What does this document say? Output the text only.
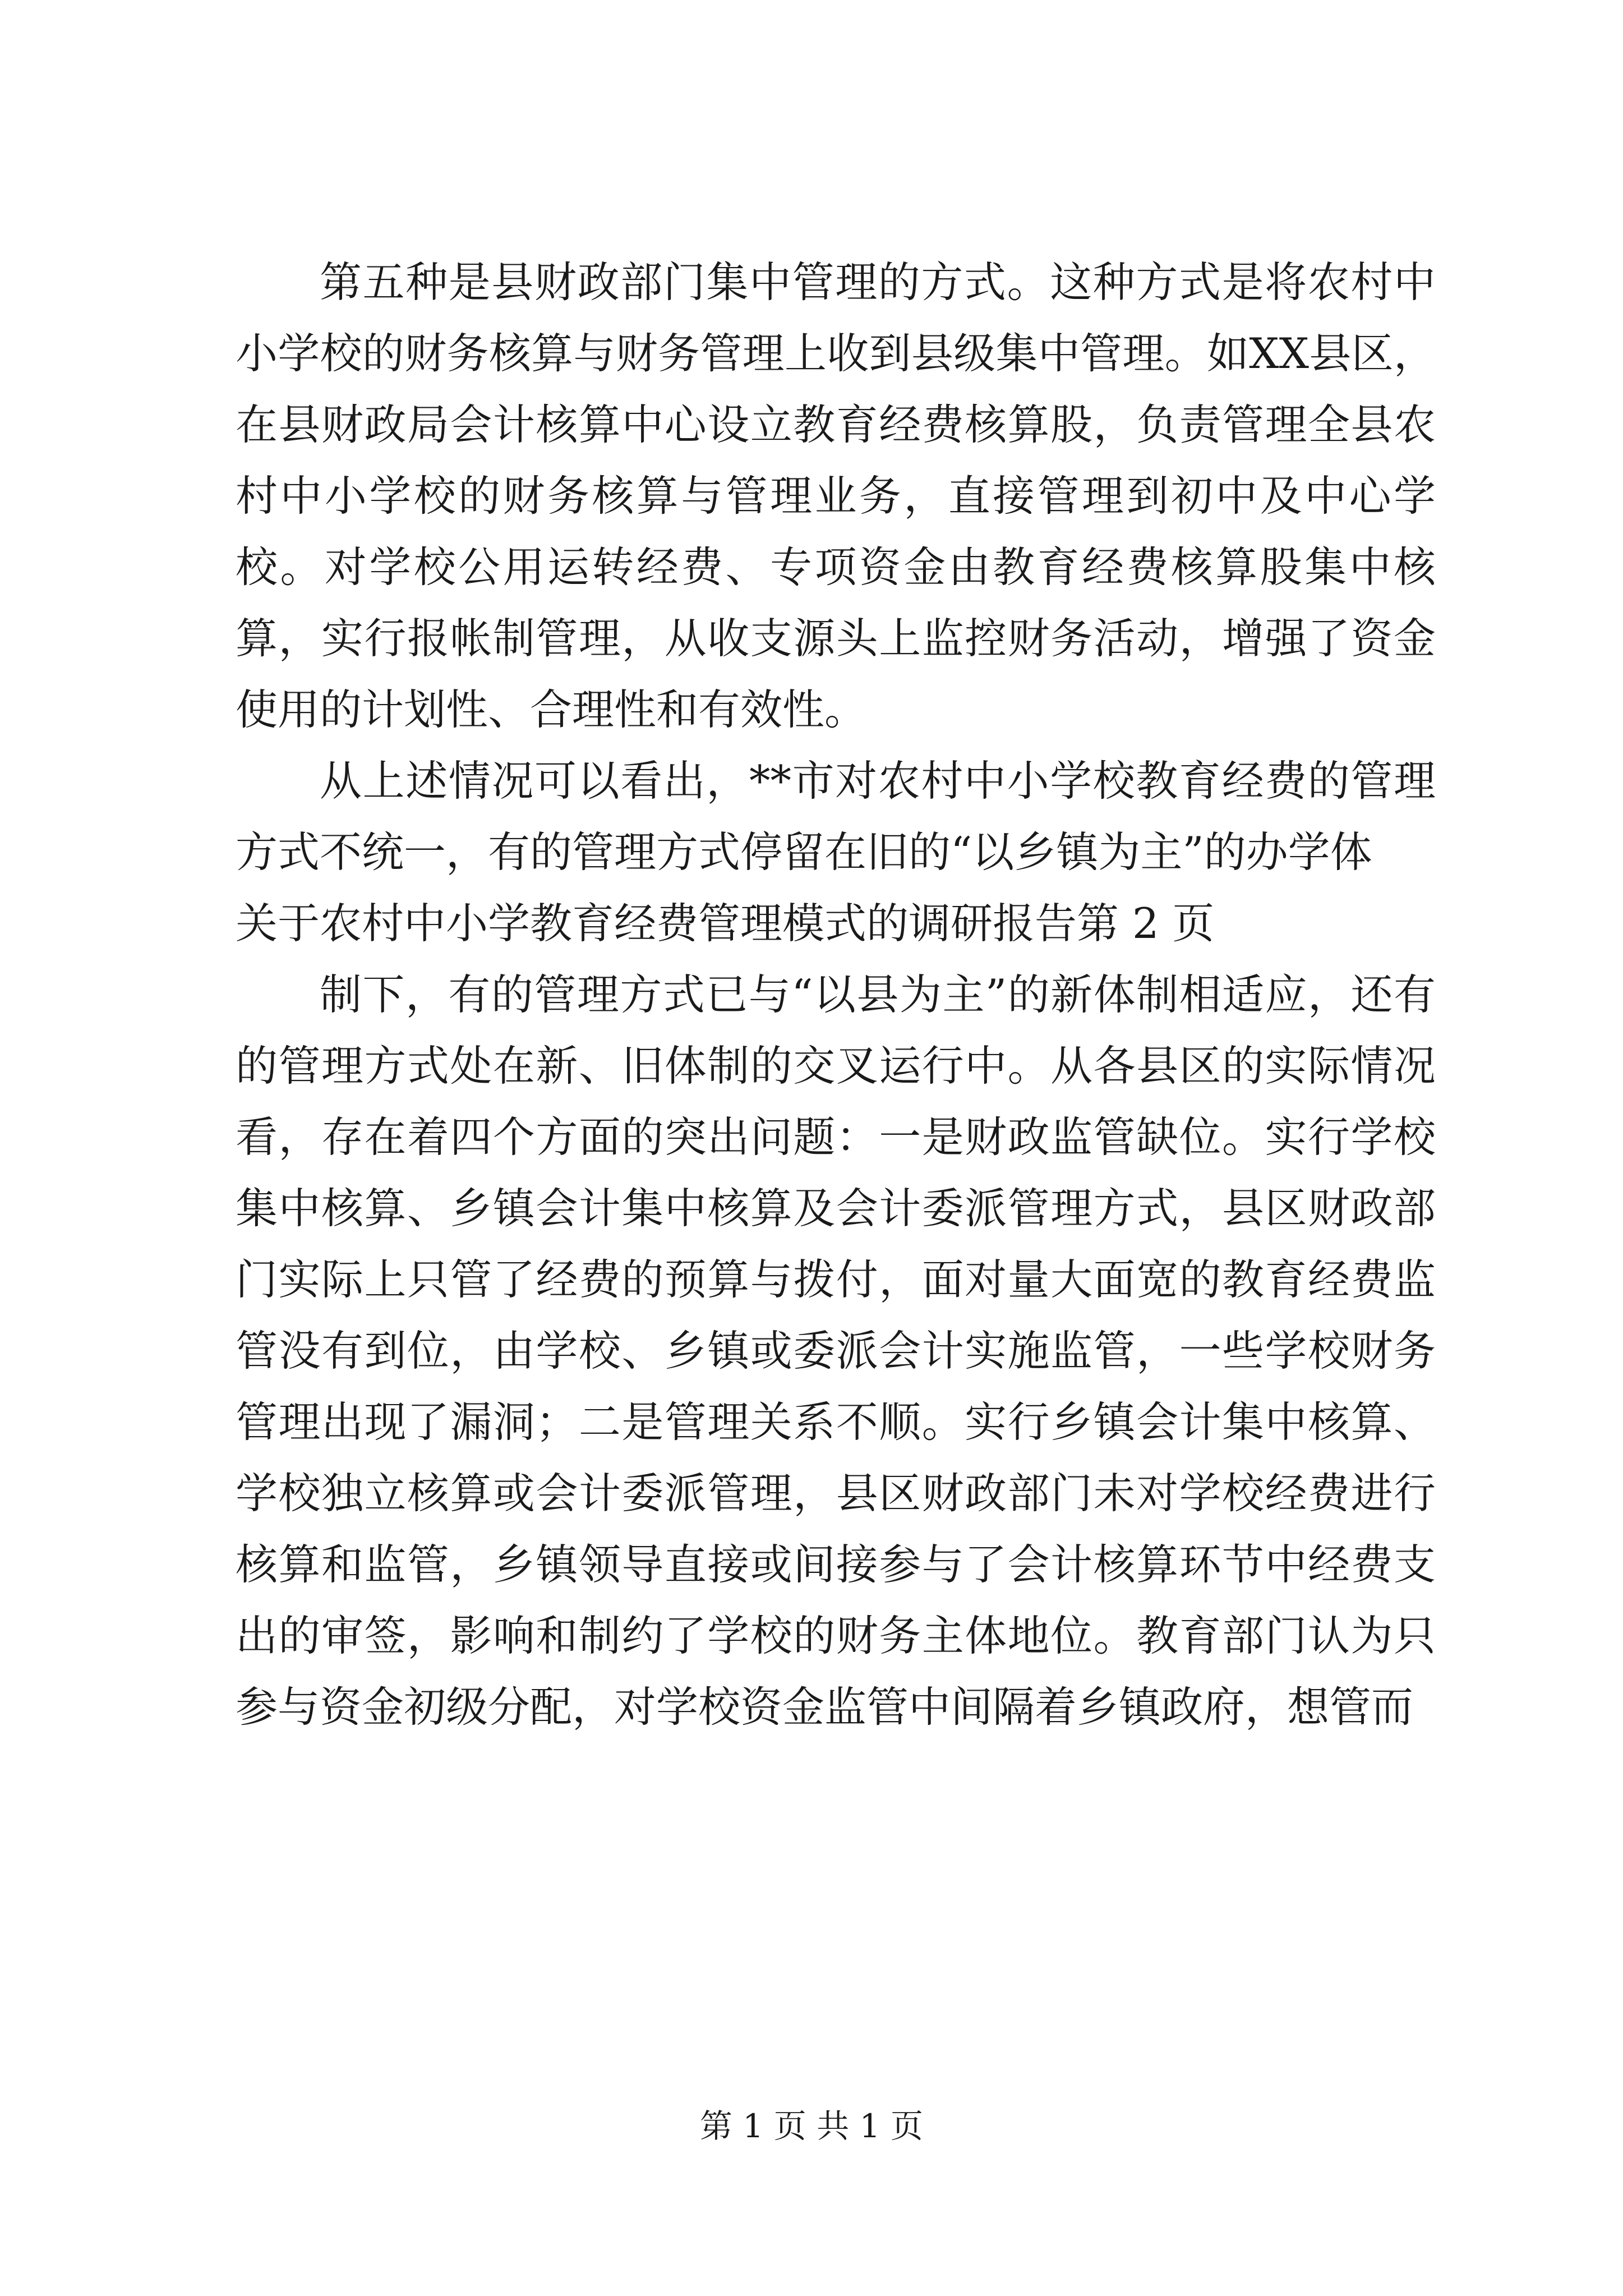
第五种是县财政部门集中管理的方式。这种方式是将农村中小学校的财务核算与财务管理上收到县级集中管理。如XX县区，在县财政局会计核算中心设立教育经费核算股，负责管理全县农村中小学校的财务核算与管理业务，直接管理到初中及中心学校。对学校公用运转经费、专项资金由教育经费核算股集中核算，实行报帐制管理，从收支源头上监控财务活动，增强了资金使用的计划性、合理性和有效性。

从上述情况可以看出，**市对农村中小学校教育经费的管理方式不统一，有的管理方式停留在旧的“以乡镇为主”的办学体

关于农村中小学教育经费管理模式的调研报告第 2 页

制下，有的管理方式已与“以县为主”的新体制相适应，还有的管理方式处在新、旧体制的交叉运行中。从各县区的实际情况看，存在着四个方面的突出问题：一是财政监管缺位。实行学校集中核算、乡镇会计集中核算及会计委派管理方式，县区财政部门实际上只管了经费的预算与拨付，面对量大面宽的教育经费监管没有到位，由学校、乡镇或委派会计实施监管，一些学校财务管理出现了漏洞；二是管理关系不顺。实行乡镇会计集中核算、学校独立核算或会计委派管理，县区财政部门未对学校经费进行核算和监管，乡镇领导直接或间接参与了会计核算环节中经费支出的审签，影响和制约了学校的财务主体地位。教育部门认为只参与资金初级分配，对学校资金监管中间隔着乡镇政府，想管而

第 1 页 共 1 页
